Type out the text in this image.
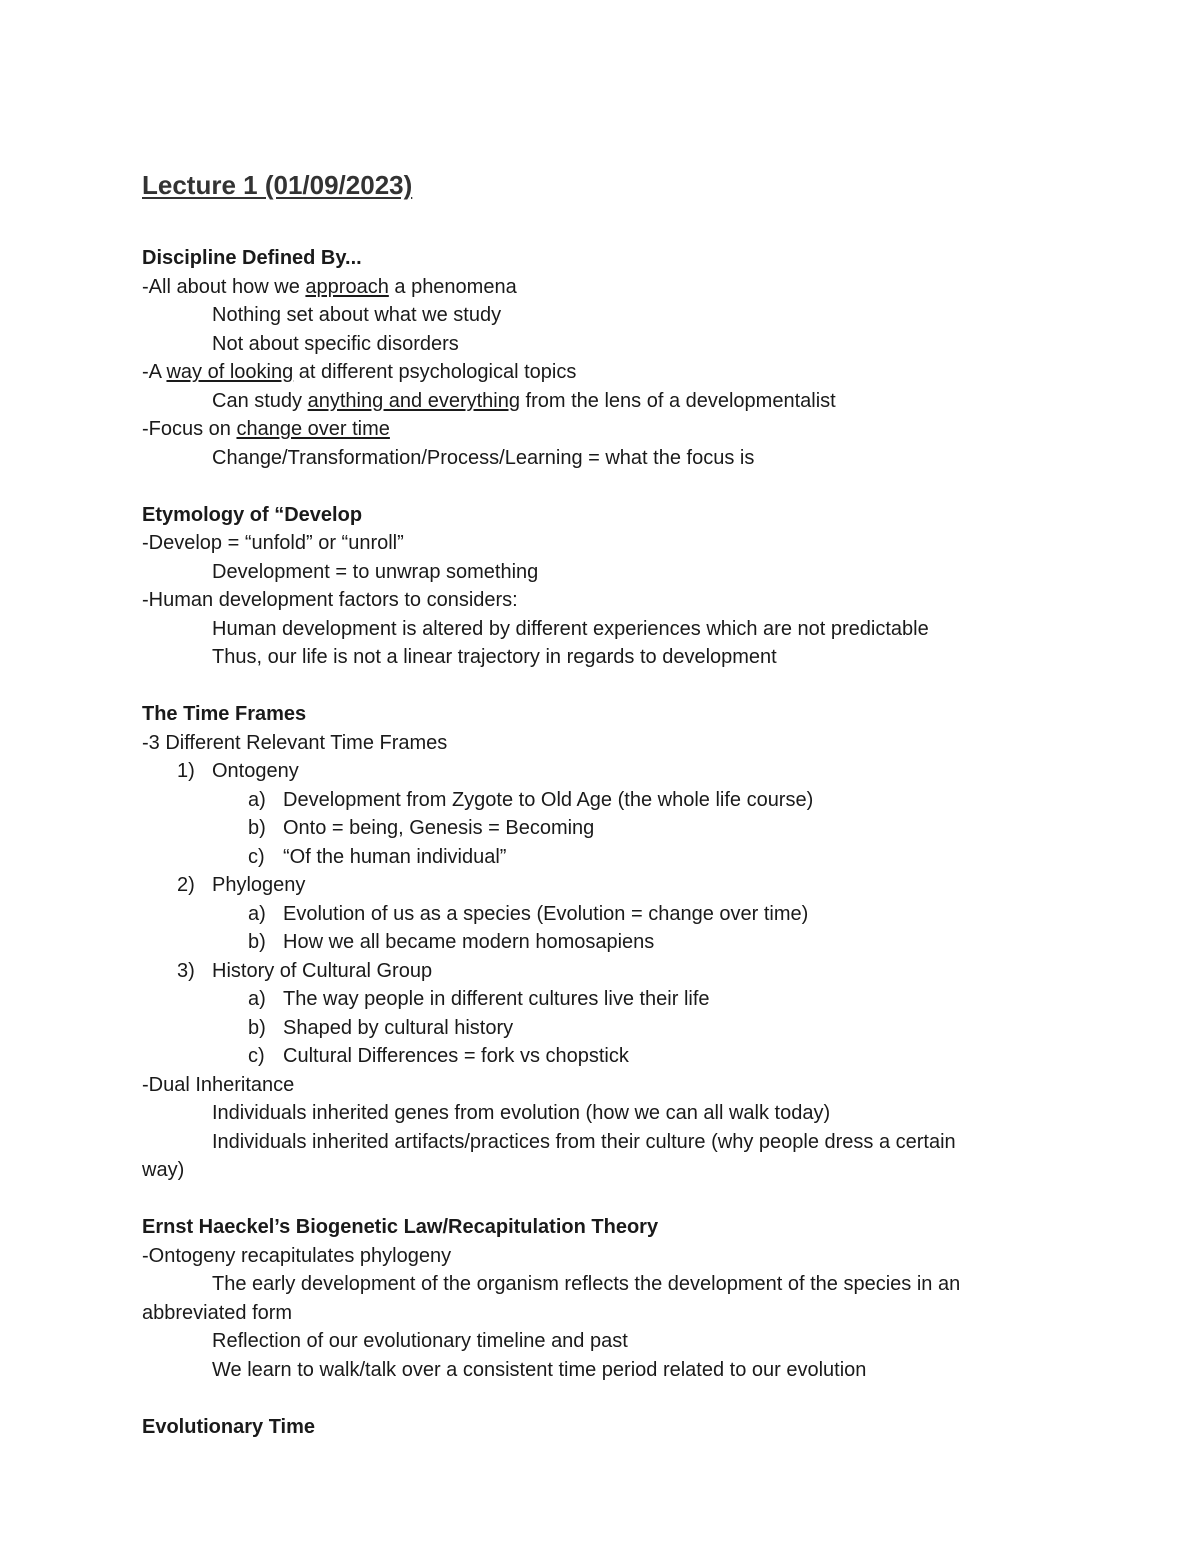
Lecture 1 (01/09/2023)
Discipline Defined By...
-All about how we approach a phenomena
Nothing set about what we study
Not about specific disorders
-A way of looking at different psychological topics
Can study anything and everything from the lens of a developmentalist
-Focus on change over time
Change/Transformation/Process/Learning = what the focus is
Etymology of “Develop
-Develop = “unfold” or “unroll”
Development = to unwrap something
-Human development factors to considers:
Human development is altered by different experiences which are not predictable
Thus, our life is not a linear trajectory in regards to development
The Time Frames
-3 Different Relevant Time Frames
1) Ontogeny
a) Development from Zygote to Old Age (the whole life course)
b) Onto = being, Genesis = Becoming
c) “Of the human individual”
2) Phylogeny
a) Evolution of us as a species (Evolution = change over time)
b) How we all became modern homosapiens
3) History of Cultural Group
a) The way people in different cultures live their life
b) Shaped by cultural history
c) Cultural Differences = fork vs chopstick
-Dual Inheritance
Individuals inherited genes from evolution (how we can all walk today)
Individuals inherited artifacts/practices from their culture (why people dress a certain
way)
Ernst Haeckel’s Biogenetic Law/Recapitulation Theory
-Ontogeny recapitulates phylogeny
The early development of the organism reflects the development of the species in an
abbreviated form
Reflection of our evolutionary timeline and past
We learn to walk/talk over a consistent time period related to our evolution
Evolutionary Time
